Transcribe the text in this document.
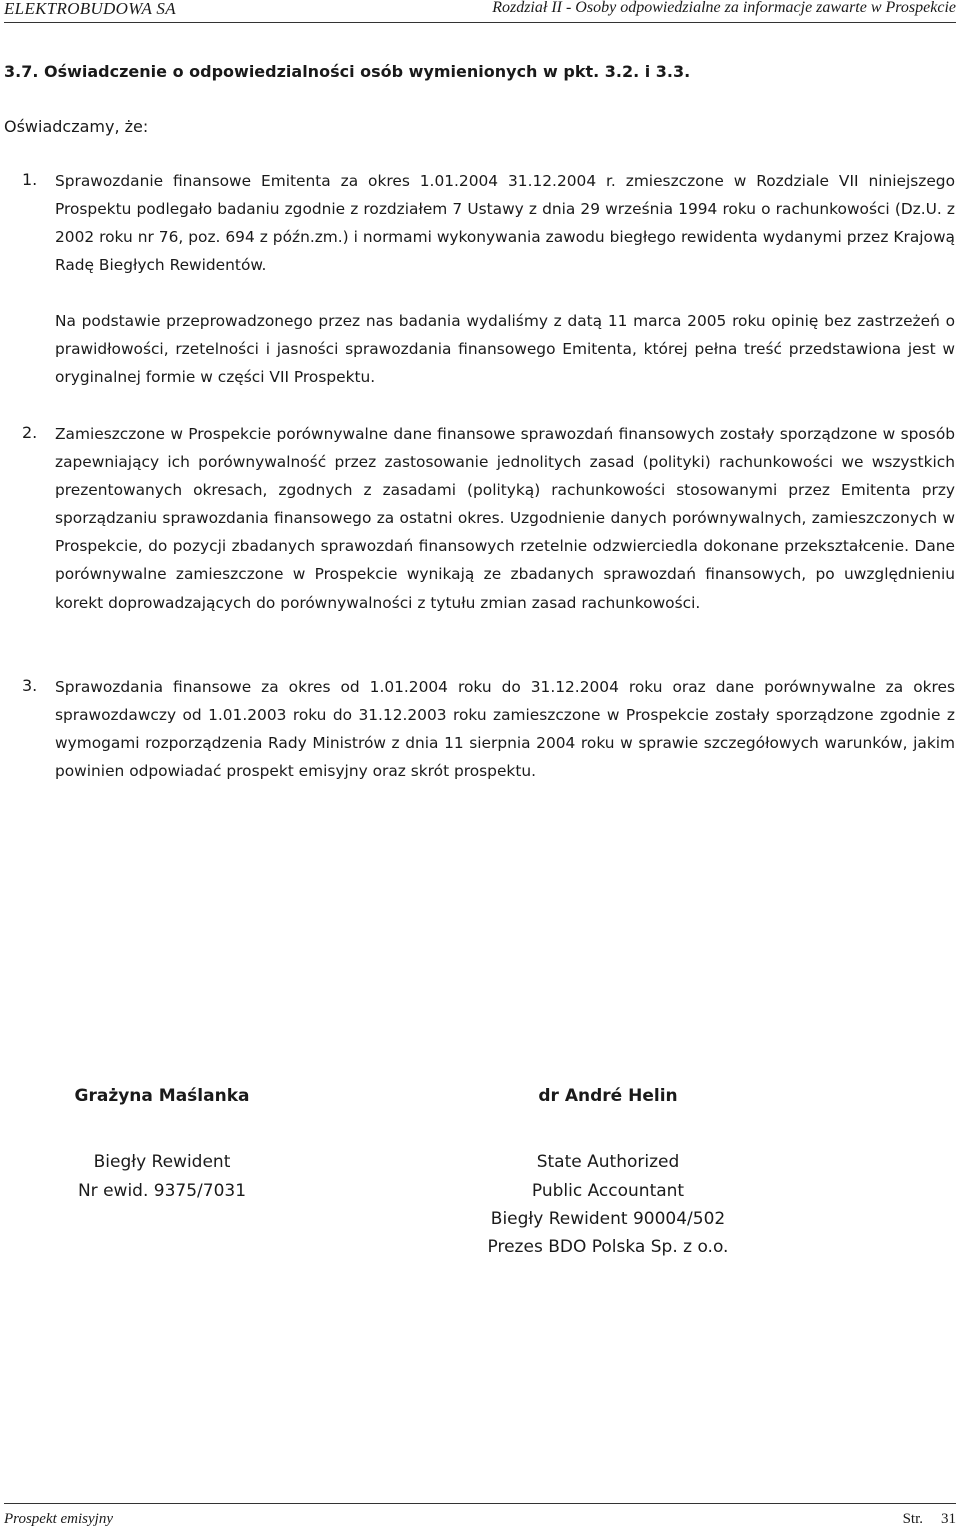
ELEKTROBUDOWA SA	Rozdział II - Osoby odpowiedzialne za informacje zawarte w Prospekcie
3.7. Oświadczenie o odpowiedzialności osób wymienionych w pkt. 3.2. i 3.3.
Oświadczamy, że:
1. Sprawozdanie finansowe Emitenta za okres 1.01.2004 31.12.2004 r. zmieszczone w Rozdziale VII niniejszego Prospektu podlegało badaniu zgodnie z rozdziałem 7 Ustawy z dnia 29 września 1994 roku o rachunkowości (Dz.U. z 2002 roku nr 76, poz. 694 z późn.zm.) i normami wykonywania zawodu biegłego rewidenta wydanymi przez Krajową Radę Biegłych Rewidentów.

Na podstawie przeprowadzonego przez nas badania wydaliśmy z datą 11 marca 2005 roku opinię bez zastrzeżeń o prawidłowości, rzetelności i jasności sprawozdania finansowego Emitenta, której pełna treść przedstawiona jest w oryginalnej formie w części VII Prospektu.

2. Zamieszczone w Prospekcie porównywalne dane finansowe sprawozdań finansowych zostały sporządzone w sposób zapewniający ich porównywalność przez zastosowanie jednolitych zasad (polityki) rachunkowości we wszystkich prezentowanych okresach, zgodnych z zasadami (polityką) rachunkowości stosowanymi przez Emitenta przy sporządzaniu sprawozdania finansowego za ostatni okres. Uzgodnienie danych porównywalnych, zamieszczonych w Prospekcie, do pozycji zbadanych sprawozdań finansowych rzetelnie odzwierciedla dokonane przekształcenie. Dane porównywalne zamieszczone w Prospekcie wynikają ze zbadanych sprawozdań finansowych, po uwzględnieniu korekt doprowadzających do porównywalności z tytułu zmian zasad rachunkowości.

3. Sprawozdania finansowe za okres od 1.01.2004 roku do 31.12.2004 roku oraz dane porównywalne za okres sprawozdawczy od 1.01.2003 roku do 31.12.2003 roku zamieszczone w Prospekcie zostały sporządzone zgodnie z wymogami rozporządzenia Rady Ministrów z dnia 11 sierpnia 2004 roku w sprawie szczegółowych warunków, jakim powinien odpowiadać prospekt emisyjny oraz skrót prospektu.

Grażyna Maślanka
Biegły Rewident
Nr ewid. 9375/7031
dr André Helin
State Authorized
Public Accountant
Biegły Rewident 90004/502
Prezes BDO Polska Sp. z o.o.
Prospekt emisyjny	Str. 31
